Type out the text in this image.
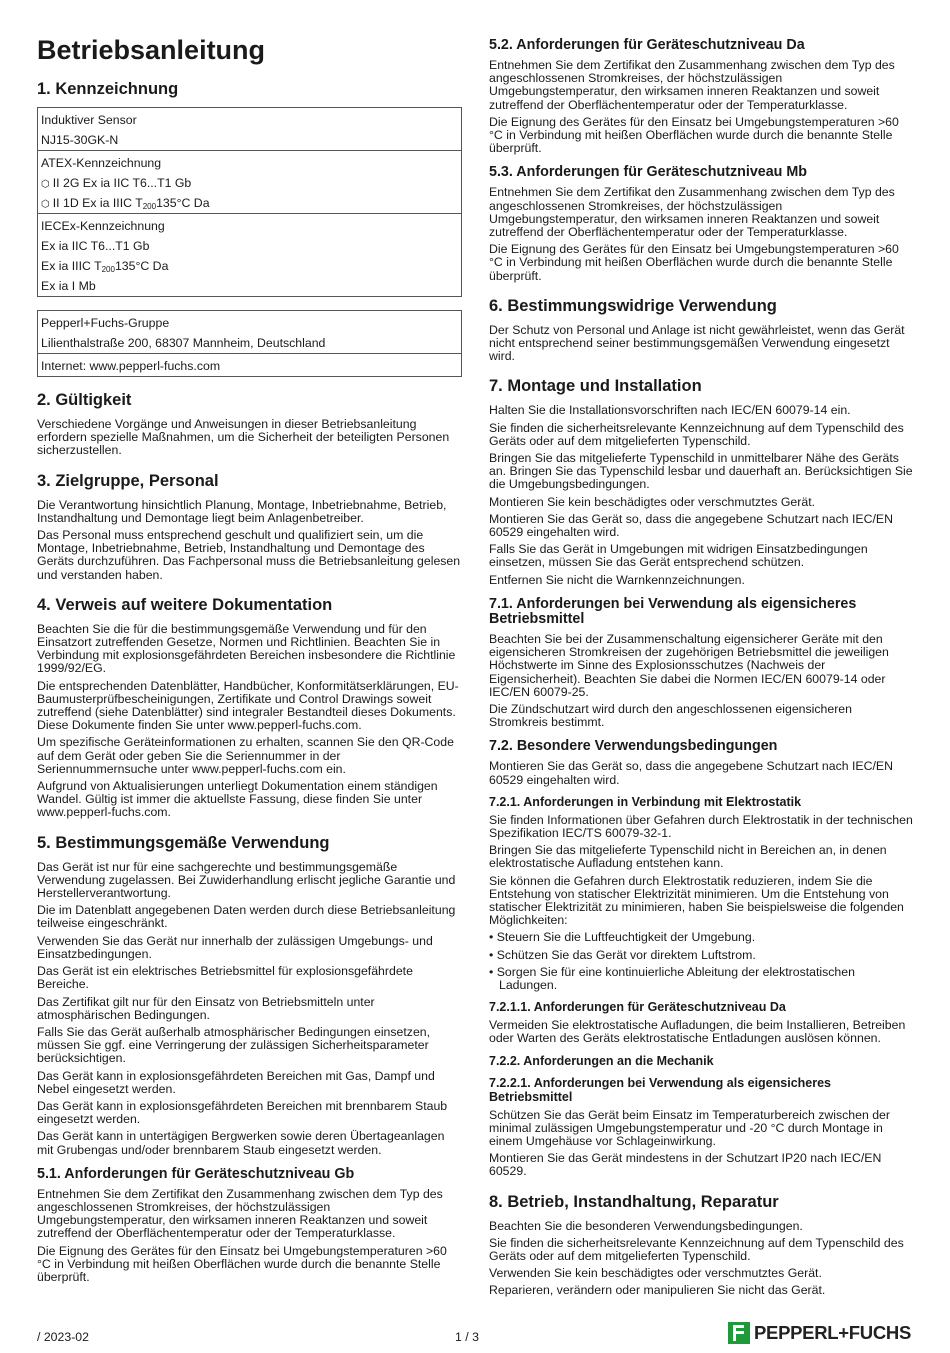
Betriebsanleitung
1. Kennzeichnung
Induktiver Sensor
NJ15-30GK-N
ATEX-Kennzeichnung
⬡ II 2G Ex ia IIC T6...T1 Gb
⬡ II 1D Ex ia IIIC $T_{200}135^\circ C$ Da
IECEx-Kennzeichnung
Ex ia IIC T6...T1 Gb
Ex ia IIIC $T_{200}135^\circ C$ Da
Ex ia I Mb
Pepperl+Fuchs-Gruppe
Lilienthalstraße 200, 68307 Mannheim, Deutschland
Internet: www.pepperl-fuchs.com
2. Gültigkeit

Verschiedene Vorgänge und Anweisungen in dieser Betriebsanleitung erfordern spezielle Maßnahmen, um die Sicherheit der beteiligten Personen sicherzustellen.

3. Zielgruppe, Personal

Die Verantwortung hinsichtlich Planung, Montage, Inbetriebnahme, Betrieb, Instandhaltung und Demontage liegt beim Anlagenbetreiber.

Das Personal muss entsprechend geschult und qualifiziert sein, um die Montage, Inbetriebnahme, Betrieb, Instandhaltung und Demontage des Geräts durchzuführen. Das Fachpersonal muss die Betriebsanleitung gelesen und verstanden haben.

4. Verweis auf weitere Dokumentation

Beachten Sie die für die bestimmungsgemäße Verwendung und für den Einsatzort zutreffenden Gesetze, Normen und Richtlinien. Beachten Sie in Verbindung mit explosionsgefährdeten Bereichen insbesondere die Richtlinie 1999/92/EG.

Die entsprechenden Datenblätter, Handbücher, Konformitätserklärungen, EU-Baumusterprüfbescheinigungen, Zertifikate und Control Drawings soweit zutreffend (siehe Datenblätter) sind integraler Bestandteil dieses Dokuments. Diese Dokumente finden Sie unter www.pepperl-fuchs.com.

Um spezifische Geräteinformationen zu erhalten, scannen Sie den QR-Code auf dem Gerät oder geben Sie die Seriennummer in der Seriennummernsuche unter www.pepperl-fuchs.com ein.

Aufgrund von Aktualisierungen unterliegt Dokumentation einem ständigen Wandel. Gültig ist immer die aktuellste Fassung, diese finden Sie unter www.pepperl-fuchs.com.

5. Bestimmungsgemäße Verwendung

Das Gerät ist nur für eine sachgerechte und bestimmungsgemäße Verwendung zugelassen. Bei Zuwiderhandlung erlischt jegliche Garantie und Herstellerverantwortung.

Die im Datenblatt angegebenen Daten werden durch diese Betriebsanleitung teilweise eingeschränkt.

Verwenden Sie das Gerät nur innerhalb der zulässigen Umgebungs- und Einsatzbedingungen.

Das Gerät ist ein elektrisches Betriebsmittel für explosionsgefährdete Bereiche.

Das Zertifikat gilt nur für den Einsatz von Betriebsmitteln unter atmosphärischen Bedingungen.

Falls Sie das Gerät außerhalb atmosphärischer Bedingungen einsetzen, müssen Sie ggf. eine Verringerung der zulässigen Sicherheitsparameter berücksichtigen.

Das Gerät kann in explosionsgefährdeten Bereichen mit Gas, Dampf und Nebel eingesetzt werden.

Das Gerät kann in explosionsgefährdeten Bereichen mit brennbarem Staub eingesetzt werden.

Das Gerät kann in untertägigen Bergwerken sowie deren Übertageanlagen mit Grubengas und/oder brennbarem Staub eingesetzt werden.

5.1. Anforderungen für Geräteschutzniveau Gb

Entnehmen Sie dem Zertifikat den Zusammenhang zwischen dem Typ des angeschlossenen Stromkreises, der höchstzulässigen Umgebungstemperatur, den wirksamen inneren Reaktanzen und soweit zutreffend der Oberflächentemperatur oder der Temperaturklasse.

Die Eignung des Gerätes für den Einsatz bei Umgebungstemperaturen >60 °C in Verbindung mit heißen Oberflächen wurde durch die benannte Stelle überprüft.

5.2. Anforderungen für Geräteschutzniveau Da

Entnehmen Sie dem Zertifikat den Zusammenhang zwischen dem Typ des angeschlossenen Stromkreises, der höchstzulässigen Umgebungstemperatur, den wirksamen inneren Reaktanzen und soweit zutreffend der Oberflächentemperatur oder der Temperaturklasse.

Die Eignung des Gerätes für den Einsatz bei Umgebungstemperaturen >60 °C in Verbindung mit heißen Oberflächen wurde durch die benannte Stelle überprüft.

5.3. Anforderungen für Geräteschutzniveau Mb

Entnehmen Sie dem Zertifikat den Zusammenhang zwischen dem Typ des angeschlossenen Stromkreises, der höchstzulässigen Umgebungstemperatur, den wirksamen inneren Reaktanzen und soweit zutreffend der Oberflächentemperatur oder der Temperaturklasse.

Die Eignung des Gerätes für den Einsatz bei Umgebungstemperaturen >60 °C in Verbindung mit heißen Oberflächen wurde durch die benannte Stelle überprüft.

6. Bestimmungswidrige Verwendung

Der Schutz von Personal und Anlage ist nicht gewährleistet, wenn das Gerät nicht entsprechend seiner bestimmungsgemäßen Verwendung eingesetzt wird.

7. Montage und Installation

Halten Sie die Installationsvorschriften nach IEC/EN 60079-14 ein.

Sie finden die sicherheitsrelevante Kennzeichnung auf dem Typenschild des Geräts oder auf dem mitgelieferten Typenschild.

Bringen Sie das mitgelieferte Typenschild in unmittelbarer Nähe des Geräts an. Bringen Sie das Typenschild lesbar und dauerhaft an. Berücksichtigen Sie die Umgebungsbedingungen.

Montieren Sie kein beschädigtes oder verschmutztes Gerät.

Montieren Sie das Gerät so, dass die angegebene Schutzart nach IEC/EN 60529 eingehalten wird.

Falls Sie das Gerät in Umgebungen mit widrigen Einsatzbedingungen einsetzen, müssen Sie das Gerät entsprechend schützen.

Entfernen Sie nicht die Warnkennzeichnungen.

7.1. Anforderungen bei Verwendung als eigensicheres Betriebsmittel

Beachten Sie bei der Zusammenschaltung eigensicherer Geräte mit den eigensicheren Stromkreisen der zugehörigen Betriebsmittel die jeweiligen Höchstwerte im Sinne des Explosionsschutzes (Nachweis der Eigensicherheit). Beachten Sie dabei die Normen IEC/EN 60079-14 oder IEC/EN 60079-25.

Die Zündschutzart wird durch den angeschlossenen eigensicheren Stromkreis bestimmt.

7.2. Besondere Verwendungsbedingungen

Montieren Sie das Gerät so, dass die angegebene Schutzart nach IEC/EN 60529 eingehalten wird.

7.2.1. Anforderungen in Verbindung mit Elektrostatik

Sie finden Informationen über Gefahren durch Elektrostatik in der technischen Spezifikation IEC/TS 60079-32-1.

Bringen Sie das mitgelieferte Typenschild nicht in Bereichen an, in denen elektrostatische Aufladung entstehen kann.

Sie können die Gefahren durch Elektrostatik reduzieren, indem Sie die Entstehung von statischer Elektrizität minimieren. Um die Entstehung von statischer Elektrizität zu minimieren, haben Sie beispielsweise die folgenden Möglichkeiten:

• Steuern Sie die Luftfeuchtigkeit der Umgebung.
• Schützen Sie das Gerät vor direktem Luftstrom.
• Sorgen Sie für eine kontinuierliche Ableitung der elektrostatischen Ladungen.
7.2.1.1. Anforderungen für Geräteschutzniveau Da

Vermeiden Sie elektrostatische Aufladungen, die beim Installieren, Betreiben oder Warten des Geräts elektrostatische Entladungen auslösen können.

7.2.2. Anforderungen an die Mechanik
7.2.2.1. Anforderungen bei Verwendung als eigensicheres Betriebsmittel

Schützen Sie das Gerät beim Einsatz im Temperaturbereich zwischen der minimal zulässigen Umgebungstemperatur und -20 °C durch Montage in einem Umgehäuse vor Schlageinwirkung.

Montieren Sie das Gerät mindestens in der Schutzart IP20 nach IEC/EN 60529.

8. Betrieb, Instandhaltung, Reparatur

Beachten Sie die besonderen Verwendungsbedingungen.

Sie finden die sicherheitsrelevante Kennzeichnung auf dem Typenschild des Geräts oder auf dem mitgelieferten Typenschild.

Verwenden Sie kein beschädigtes oder verschmutztes Gerät.

Reparieren, verändern oder manipulieren Sie nicht das Gerät.

/ 2023-02	1 / 3	PEPPERL+FUCHS
